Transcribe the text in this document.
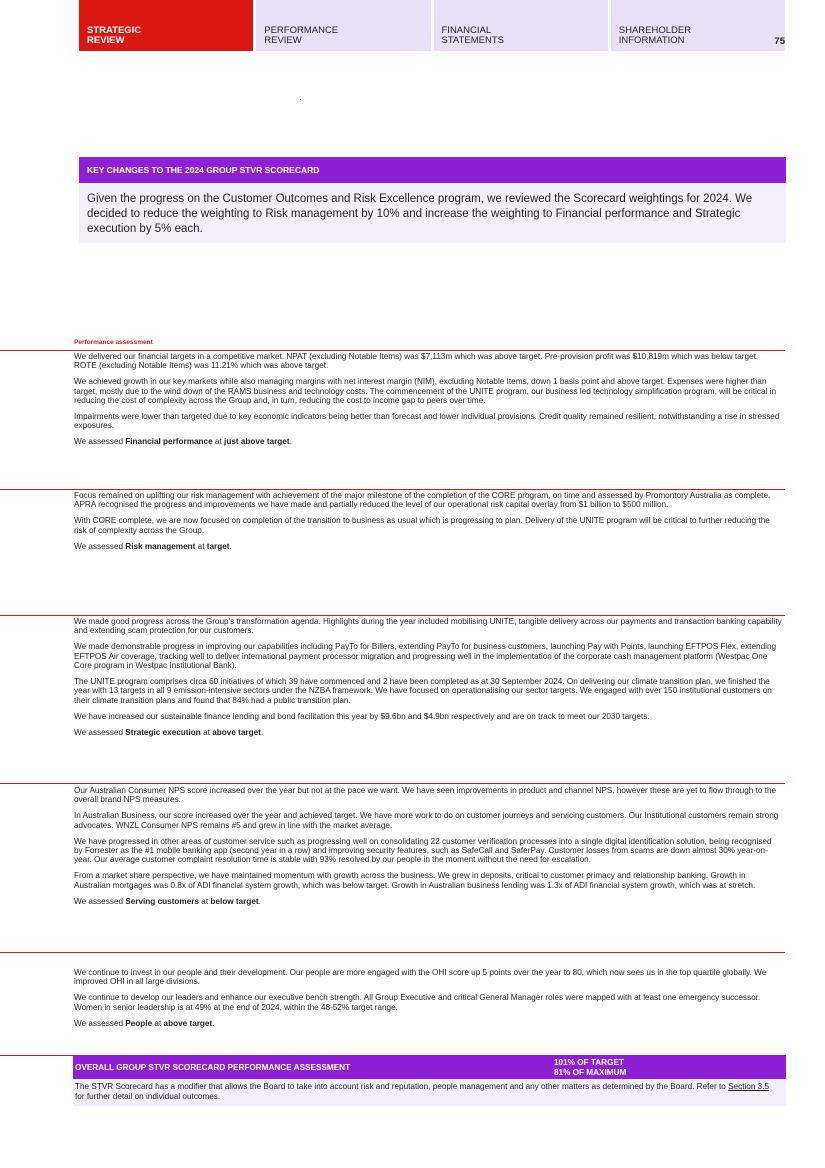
STRATEGIC
REVIEW
PERFORMANCE
REVIEW
FINANCIAL
STATEMENTS
SHAREHOLDER
INFORMATION	75
KEY CHANGES TO THE 2024 GROUP STVR SCORECARD
Given the progress on the Customer Outcomes and Risk Excellence program, we reviewed the Scorecard weightings for 2024. We decided to reduce the weighting to Risk management by 10% and increase the weighting to Financial performance and Strategic execution by 5% each.
Performance assessment

We delivered our financial targets in a competitive market. NPAT (excluding Notable Items) was $7,113m which was above target. Pre-provision profit was $10,819m which was below target. ROTE (excluding Notable Items) was 11.21% which was above target.

We achieved growth in our key markets while also managing margins with net interest margin (NIM), excluding Notable Items, down 1 basis point and above target. Expenses were higher than target, mostly due to the wind down of the RAMS business and technology costs. The commencement of the UNITE program, our business led technology simplification program, will be critical in reducing the cost of complexity across the Group and, in turn, reducing the cost to income gap to peers over time.

Impairments were lower than targeted due to key economic indicators being better than forecast and lower individual provisions. Credit quality remained resilient, notwithstanding a rise in stressed exposures.

We assessed Financial performance at just above target.

Focus remained on uplifting our risk management with achievement of the major milestone of the completion of the CORE program, on time and assessed by Promontory Australia as complete. APRA recognised the progress and improvements we have made and partially reduced the level of our operational risk capital overlay from $1 billion to $500 million.

With CORE complete, we are now focused on completion of the transition to business as usual which is progressing to plan. Delivery of the UNITE program will be critical to further reducing the risk of complexity across the Group.

We assessed Risk management at target.

We made good progress across the Group's transformation agenda. Highlights during the year included mobilising UNITE, tangible delivery across our payments and transaction banking capability and extending scam protection for our customers.

We made demonstrable progress in improving our capabilities including PayTo for Billers, extending PayTo for business customers, launching Pay with Points, launching EFTPOS Flex, extending EFTPOS Air coverage, tracking well to deliver international payment processor migration and progressing well in the implementation of the corporate cash management platform (Westpac One Core program in Westpac Institutional Bank).

The UNITE program comprises circa 60 initiatives of which 39 have commenced and 2 have been completed as at 30 September 2024. On delivering our climate transition plan, we finished the year with 13 targets in all 9 emission-intensive sectors under the NZBA framework. We have focused on operationalising our sector targets. We engaged with over 150 institutional customers on their climate transition plans and found that 84% had a public transition plan.

We have increased our sustainable finance lending and bond facilitation this year by $9.6bn and $4.9bn respectively and are on track to meet our 2030 targets.

We assessed Strategic execution at above target.

Our Australian Consumer NPS score increased over the year but not at the pace we want. We have seen improvements in product and channel NPS, however these are yet to flow through to the overall brand NPS measures.

In Australian Business, our score increased over the year and achieved target. We have more work to do on customer journeys and servicing customers. Our Institutional customers remain strong advocates. WNZL Consumer NPS remains #5 and grew in line with the market average.

We have progressed in other areas of customer service such as progressing well on consolidating 22 customer verification processes into a single digital identification solution, being recognised by Forrester as the #1 mobile banking app (second year in a row) and improving security features, such as SafeCall and SaferPay. Customer losses from scams are down almost 30% year-on-year. Our average customer complaint resolution time is stable with 93% resolved by our people in the moment without the need for escalation.

From a market share perspective, we have maintained momentum with growth across the business. We grew in deposits, critical to customer primacy and relationship banking. Growth in Australian mortgages was 0.8x of ADI financial system growth, which was below target. Growth in Australian business lending was 1.3x of ADI financial system growth, which was at stretch.

We assessed Serving customers at below target.

We continue to invest in our people and their development. Our people are more engaged with the OHI score up 5 points over the year to 80, which now sees us in the top quartile globally. We improved OHI in all large divisions.

We continue to develop our leaders and enhance our executive bench strength. All Group Executive and critical General Manager roles were mapped with at least one emergency successor. Women in senior leadership is at 49% at the end of 2024, within the 48-52% target range.

We assessed People at above target.

OVERALL GROUP STVR SCORECARD PERFORMANCE ASSESSMENT
101% OF TARGET
81% OF MAXIMUM
The STVR Scorecard has a modifier that allows the Board to take into account risk and reputation, people management and any other matters as determined by the Board. Refer to Section 3.5 for further detail on individual outcomes.
